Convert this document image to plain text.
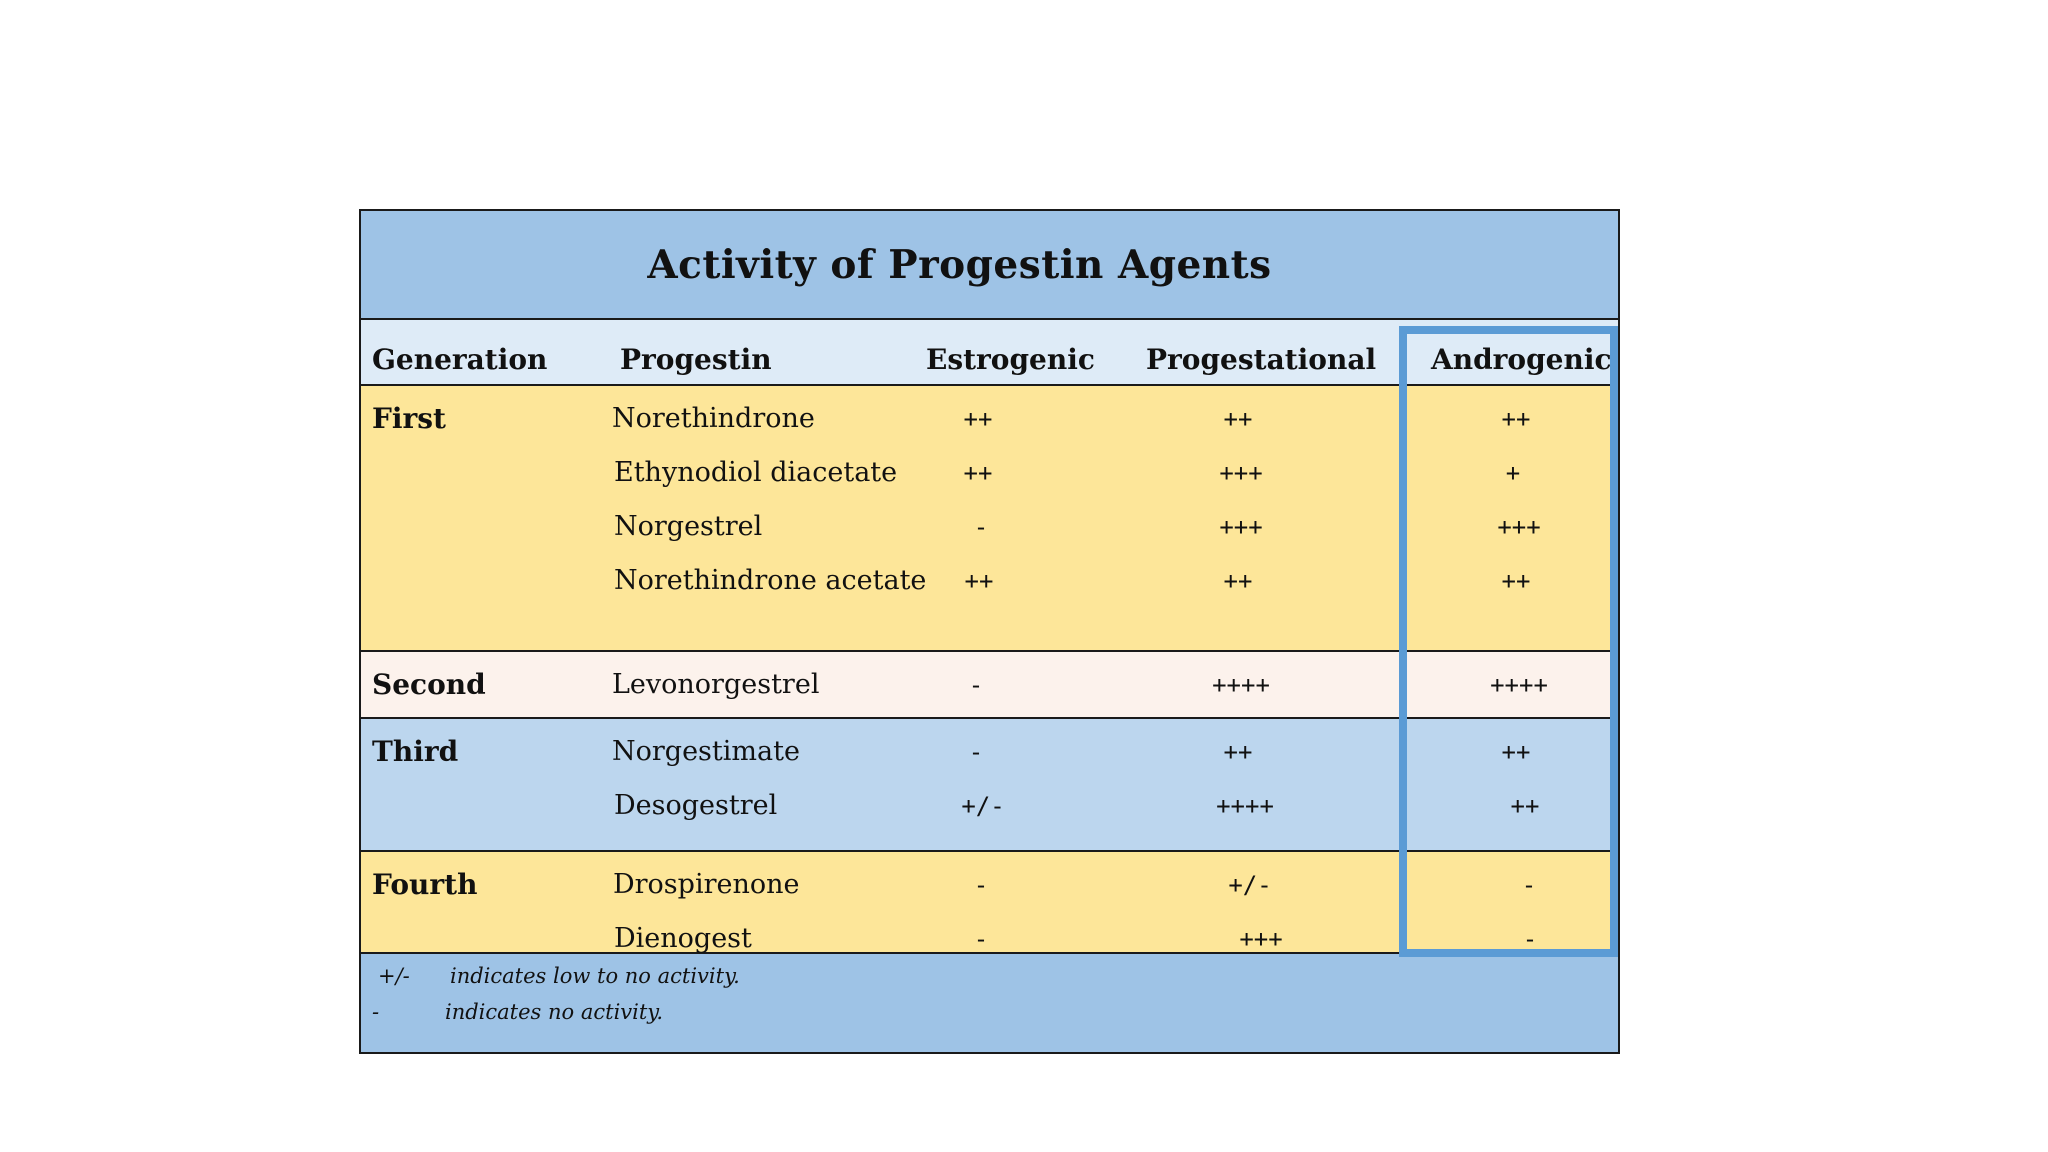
Activity of Progestin Agents
Generation	Progestin	Estrogenic Progestational Androgenic
First	Norethindrone	++	++	++
Ethynodiol diacetate	++	+++	+
Norgestrel	-	+++	+++
Norethindrone acetate ++	++	++
Second	Levonorgestrel	-	++++	++++
Third	Norgestimate	-	++	++
Desogestrel	+/-	++++	++
Fourth	Drospirenone	-	+/-	-
Dienogest	-	+++	-
+/- indicates low to no activity.
-	indicates no activity.
